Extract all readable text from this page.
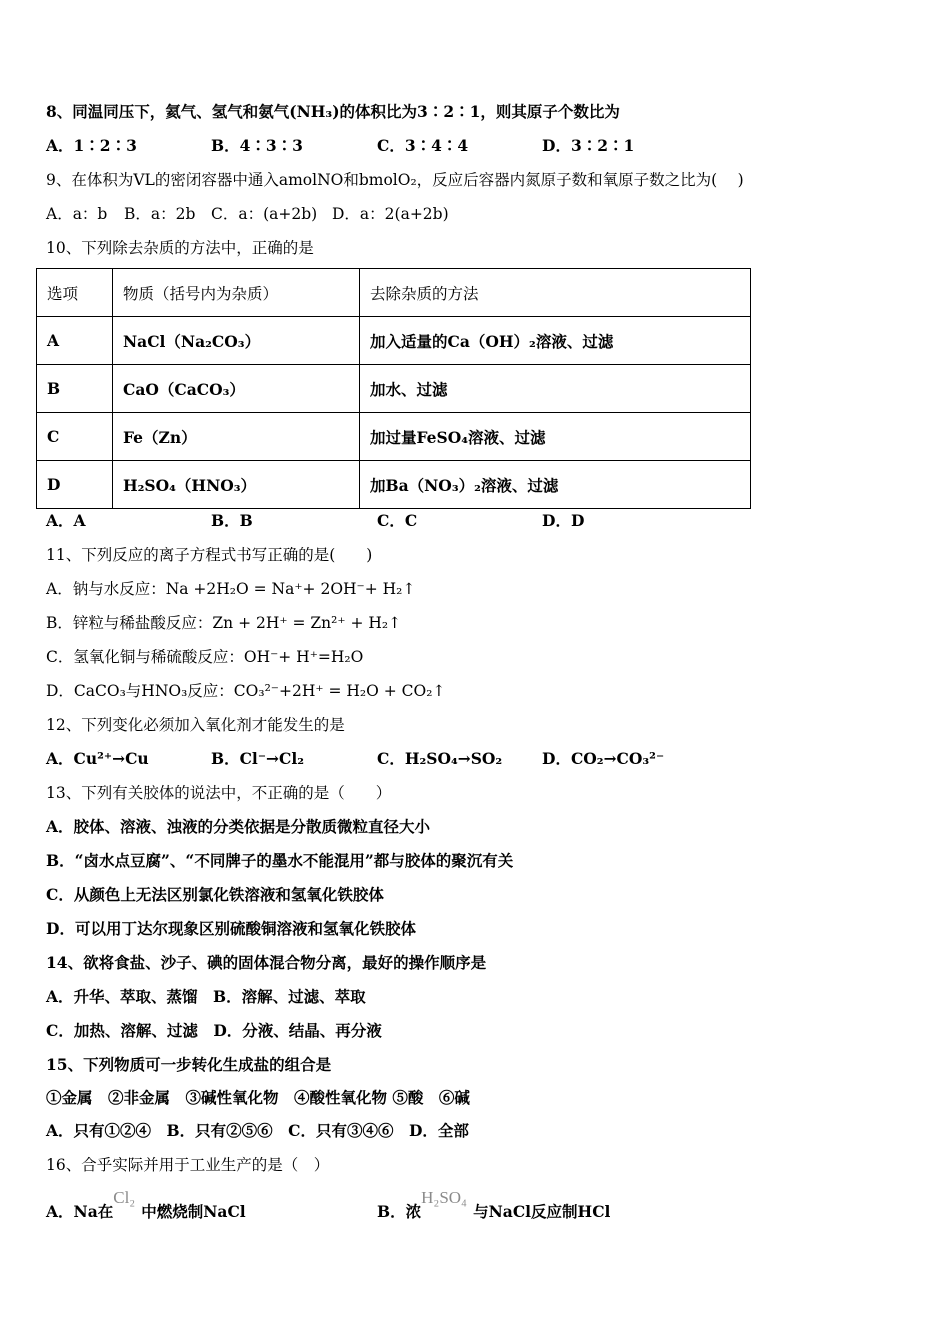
8、同温同压下，氦气、氢气和氨气(NH₃)的体积比为3∶2∶1，则其原子个数比为
A．1∶2∶3	B．4∶3∶3	C．3∶4∶4	D．3∶2∶1
9、在体积为VL的密闭容器中通入amolNO和bmolO₂，反应后容器内氮原子数和氧原子数之比为(　 )
A．a：b B．a：2b C．a：(a+2b) D．a：2(a+2b)
10、下列除去杂质的方法中，正确的是
选项	物质（括号内为杂质）	去除杂质的方法
A	NaCl（Na₂CO₃）	加入适量的Ca（OH）₂溶液、过滤
B	CaO（CaCO₃）	加水、过滤
C	Fe（Zn）	加过量FeSO₄溶液、过滤
D	H₂SO₄（HNO₃）	加Ba（NO₃）₂溶液、过滤
A．A	B．B	C．C	D．D
11、下列反应的离子方程式书写正确的是(　　)
A．钠与水反应：Na +2H₂O = Na⁺+ 2OH⁻+ H₂↑
B．锌粒与稀盐酸反应：Zn + 2H⁺ = Zn²⁺ + H₂↑
C．氢氧化铜与稀硫酸反应：OH⁻+ H⁺=H₂O
D．CaCO₃与HNO₃反应：CO₃²⁻+2H⁺ = H₂O + CO₂↑
12、下列变化必须加入氧化剂才能发生的是
A．Cu²⁺→Cu	B．Cl⁻→Cl₂	C．H₂SO₄→SO₂	D．CO₂→CO₃²⁻
13、下列有关胶体的说法中，不正确的是（　　）
A．胶体、溶液、浊液的分类依据是分散质微粒直径大小
B．“卤水点豆腐”、“不同牌子的墨水不能混用”都与胶体的聚沉有关
C．从颜色上无法区别氯化铁溶液和氢氧化铁胶体
D．可以用丁达尔现象区别硫酸铜溶液和氢氧化铁胶体
14、欲将食盐、沙子、碘的固体混合物分离，最好的操作顺序是
A．升华、萃取、蒸馏　B．溶解、过滤、萃取
C．加热、溶解、过滤　D．分液、结晶、再分液
15、下列物质可一步转化生成盐的组合是
①金属　②非金属　③碱性氧化物　④酸性氧化物 ⑤酸　⑥碱
A．只有①②④　B．只有②⑤⑥　C．只有③④⑥　D．全部
16、合乎实际并用于工业生产的是（　）
A．Na在
Cl₂
中燃烧制NaCl	B．浓
H₂SO₄
与NaCl反应制HCl
